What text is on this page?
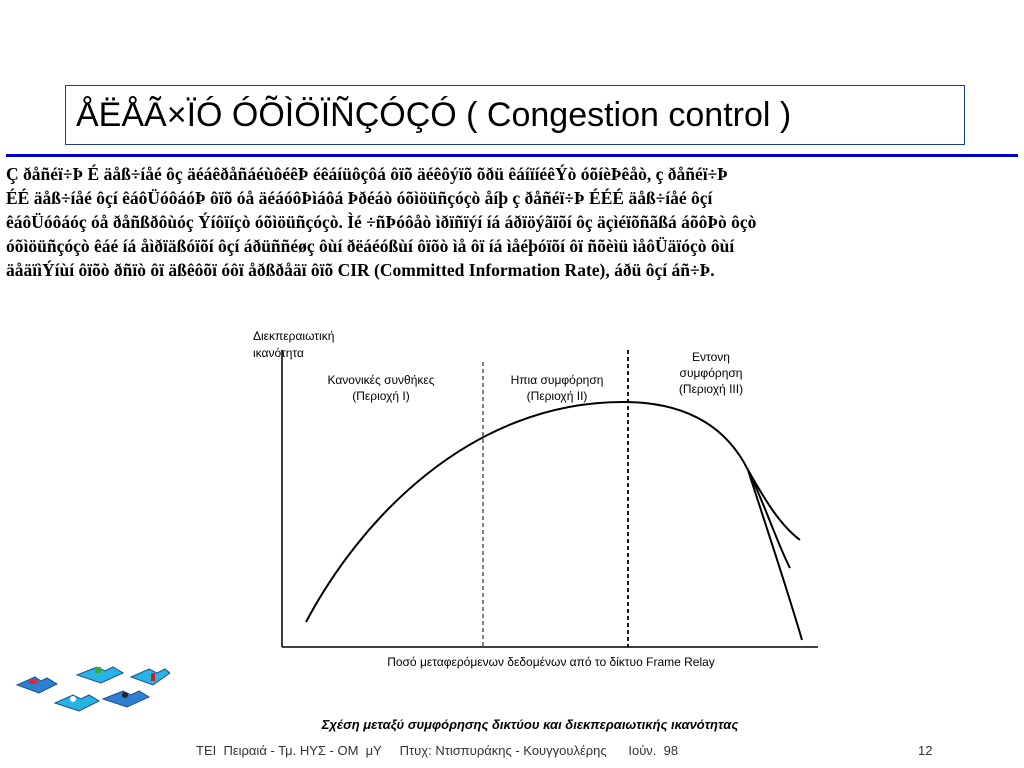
ÅËÅÃ×ÏÓ ÓÕÌÖÏÑÇÓÇÓ ( Congestion control )
Ç ðåñéï÷Þ É äåß÷íåé ôç äéáêðåñáéùôéêÞ éêáíüôçôá ôïõ äéêôýïõ õðü êáíïíéêÝò óõíèÞêåò, ç ðåñéï÷Þ
ÉÉ äåß÷íåé ôçí êáôÜóôáóÞ ôïõ óå äéáóôÞìáôá Þðéáò óõìöüñçóçò åíþ ç ðåñéï÷Þ ÉÉÉ äåß÷íåé ôçí
êáôÜóôáóç óå ðåñßðôùóç Ýíôïíçò óõìöüñçóçò. Ìé ÷ñÞóôåò ìðïñïýí íá áðïöýãïõí ôç äçìéïõñãßá áõôÞò ôçò
óõìöüñçóçò êáé íá åìðïäßóïõí ôçí áðüññéøç ôùí ðëáéóßùí ôïõò ìå ôï íá ìåéþóïõí ôï ñõèìü ìåôÜäïóçò ôùí
äåäïìÝíùí ôïõò ðñïò ôï äßêôõï óôï åðßðåäï ôïõ CIR (Committed Information Rate), áðü ôçí áñ÷Þ.
Διεκπεραιωτική
ικανότητα
Κανονικές συνθήκες
(Περιοχή I)
Ηπια συμφόρηση
(Περιοχή II)
Εντονη
συμφόρηση
(Περιοχή III)
Ποσό μεταφερόμενων δεδομένων από το δίκτυο Frame Relay
Σχέση μεταξύ συμφόρησης δικτύου και διεκπεραιωτικής ικανότητας
TEI  Πειραιά - Τμ. ΗΥΣ - ΟΜ  μΥ     Πτυχ: Ντισπυράκης - Κουγγουλέρης      Ιούν.  98	12
